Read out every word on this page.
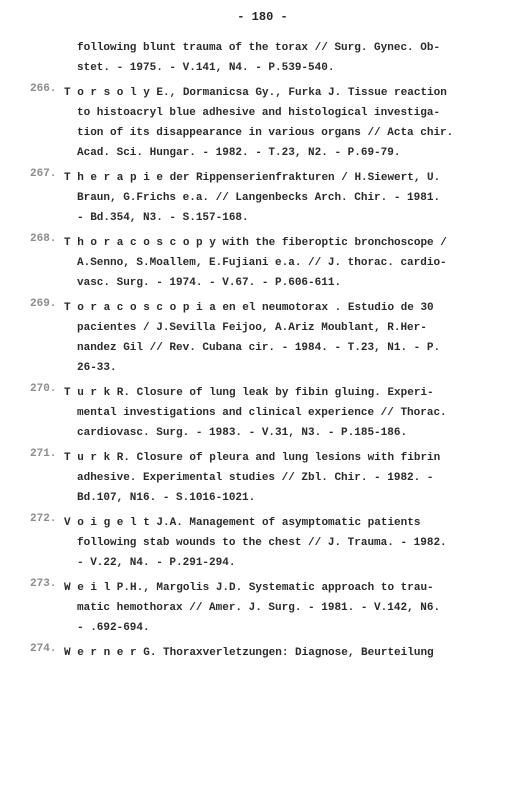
- 180 -
following blunt trauma of the torax // Surg. Gynec. Ob-
stet. - 1975. - V.141, N4. - P.539-540.
266. T o r s o l y E., Dormanicsa Gy., Furka J. Tissue reaction
to histoacryl blue adhesive and histological investiga-
tion of its disappearance in various organs // Acta chir.
Acad. Sci. Hungar. - 1982. - T.23, N2. - P.69-79.
267. T h e r a p i e der Rippenserienfrakturen / H.Siewert, U.
Braun, G.Frichs e.a. // Langenbecks Arch. Chir. - 1981.
- Bd.354, N3. - S.157-168.
268. T h o r a c o s c o p y with the fiberoptic bronchoscope /
A.Senno, S.Moallem, E.Fujiani e.a. // J. thorac. cardio-
vasc. Surg. - 1974. - V.67. - P.606-611.
269. T o r a c o s c o p i a en el neumotorax . Estudio de 30
pacientes / J.Sevilla Feijoo, A.Ariz Moublant, R.Her-
nandez Gil // Rev. Cubana cir. - 1984. - T.23, N1. - P.
26-33.
270. T u r k R. Closure of lung leak by fibin gluing. Experi-
mental investigations and clinical experience // Thorac.
cardiovasc. Surg. - 1983. - V.31, N3. - P.185-186.
271. T u r k R. Closure of pleura and lung lesions with fibrin
adhesive. Experimental studies // Zbl. Chir. - 1982. -
Bd.107, N16. - S.1016-1021.
272. V o i g e l t J.A. Management of asymptomatic patients
following stab wounds to the chest // J. Trauma. - 1982.
- V.22, N4. - P.291-294.
273. W e i l P.H., Margolis J.D. Systematic approach to trau-
matic hemothorax // Amer. J. Surg. - 1981. - V.142, N6.
- .692-694.
274. W e r n e r G. Thoraxverletzungen: Diagnose, Beurteilung
